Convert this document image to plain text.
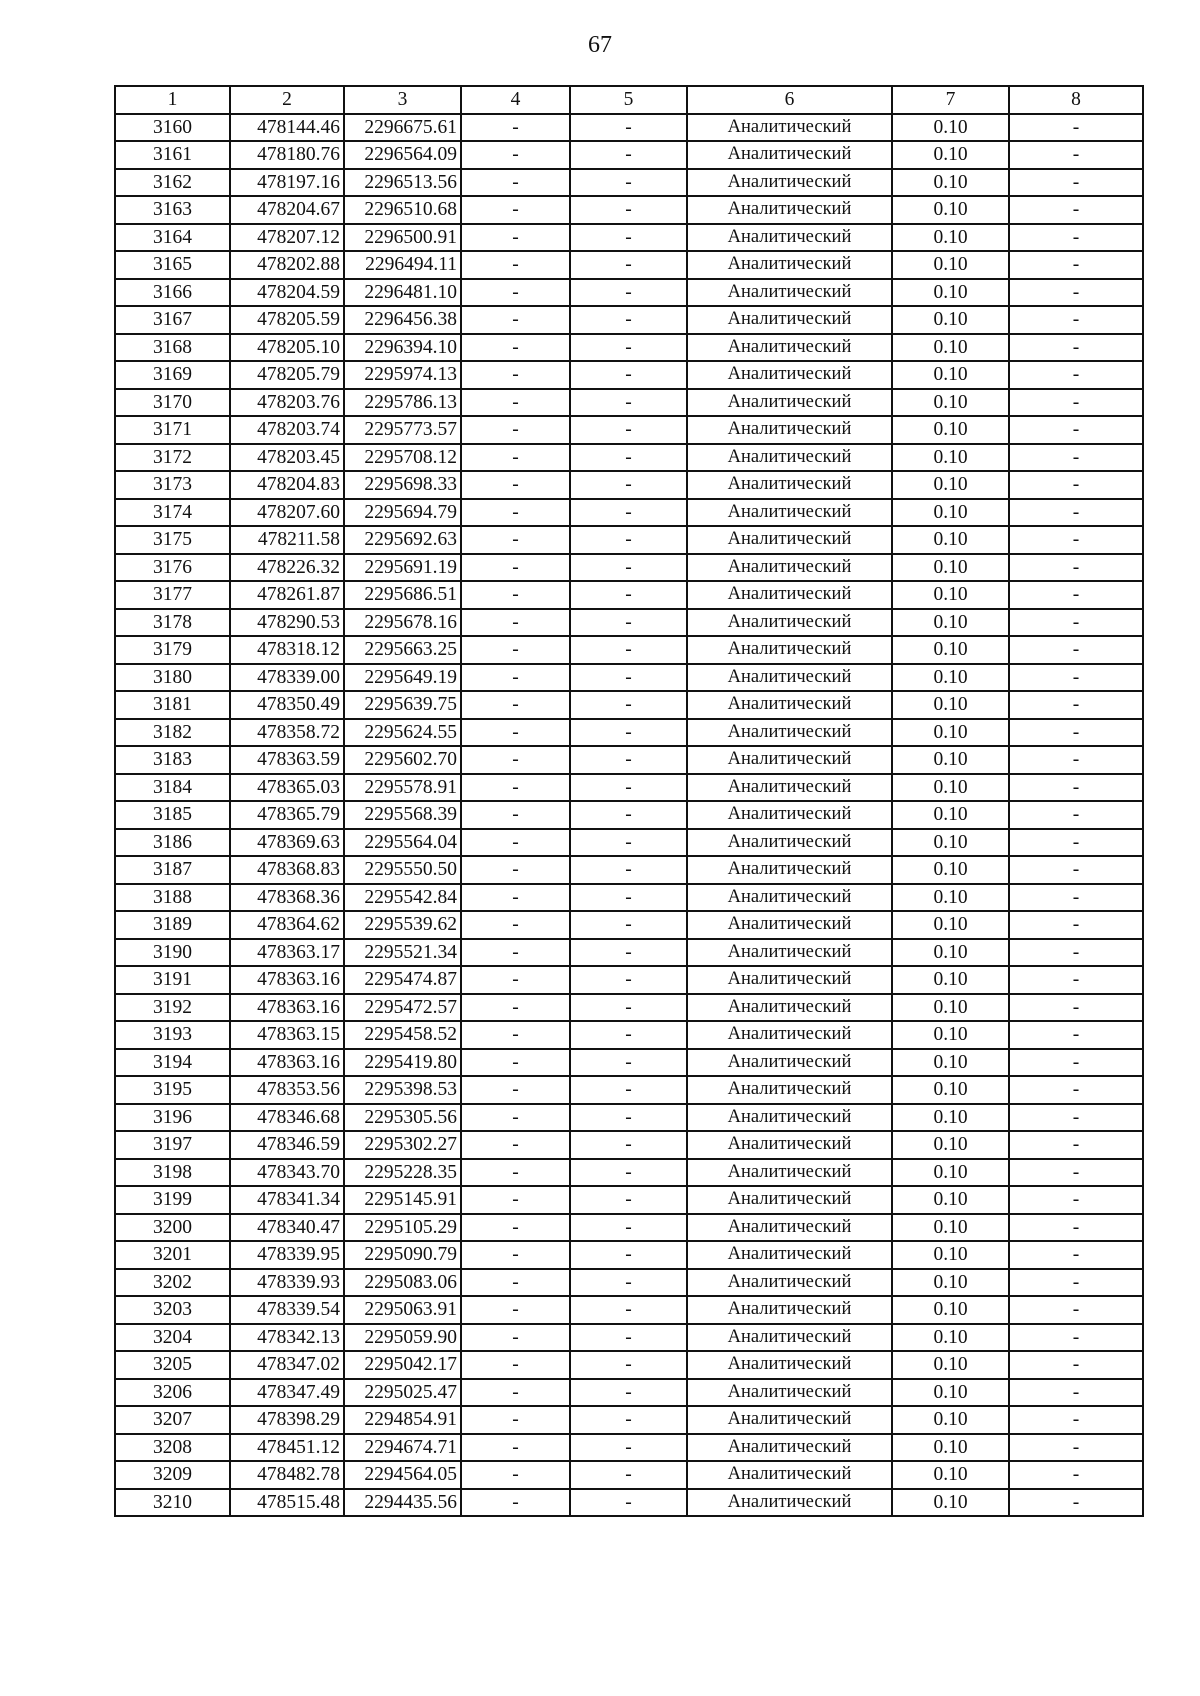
67
1	2	3	4	5	6	7	8
3160	478144.46	2296675.61	-	-	Аналитический	0.10	-
3161	478180.76	2296564.09	-	-	Аналитический	0.10	-
3162	478197.16	2296513.56	-	-	Аналитический	0.10	-
3163	478204.67	2296510.68	-	-	Аналитический	0.10	-
3164	478207.12	2296500.91	-	-	Аналитический	0.10	-
3165	478202.88	2296494.11	-	-	Аналитический	0.10	-
3166	478204.59	2296481.10	-	-	Аналитический	0.10	-
3167	478205.59	2296456.38	-	-	Аналитический	0.10	-
3168	478205.10	2296394.10	-	-	Аналитический	0.10	-
3169	478205.79	2295974.13	-	-	Аналитический	0.10	-
3170	478203.76	2295786.13	-	-	Аналитический	0.10	-
3171	478203.74	2295773.57	-	-	Аналитический	0.10	-
3172	478203.45	2295708.12	-	-	Аналитический	0.10	-
3173	478204.83	2295698.33	-	-	Аналитический	0.10	-
3174	478207.60	2295694.79	-	-	Аналитический	0.10	-
3175	478211.58	2295692.63	-	-	Аналитический	0.10	-
3176	478226.32	2295691.19	-	-	Аналитический	0.10	-
3177	478261.87	2295686.51	-	-	Аналитический	0.10	-
3178	478290.53	2295678.16	-	-	Аналитический	0.10	-
3179	478318.12	2295663.25	-	-	Аналитический	0.10	-
3180	478339.00	2295649.19	-	-	Аналитический	0.10	-
3181	478350.49	2295639.75	-	-	Аналитический	0.10	-
3182	478358.72	2295624.55	-	-	Аналитический	0.10	-
3183	478363.59	2295602.70	-	-	Аналитический	0.10	-
3184	478365.03	2295578.91	-	-	Аналитический	0.10	-
3185	478365.79	2295568.39	-	-	Аналитический	0.10	-
3186	478369.63	2295564.04	-	-	Аналитический	0.10	-
3187	478368.83	2295550.50	-	-	Аналитический	0.10	-
3188	478368.36	2295542.84	-	-	Аналитический	0.10	-
3189	478364.62	2295539.62	-	-	Аналитический	0.10	-
3190	478363.17	2295521.34	-	-	Аналитический	0.10	-
3191	478363.16	2295474.87	-	-	Аналитический	0.10	-
3192	478363.16	2295472.57	-	-	Аналитический	0.10	-
3193	478363.15	2295458.52	-	-	Аналитический	0.10	-
3194	478363.16	2295419.80	-	-	Аналитический	0.10	-
3195	478353.56	2295398.53	-	-	Аналитический	0.10	-
3196	478346.68	2295305.56	-	-	Аналитический	0.10	-
3197	478346.59	2295302.27	-	-	Аналитический	0.10	-
3198	478343.70	2295228.35	-	-	Аналитический	0.10	-
3199	478341.34	2295145.91	-	-	Аналитический	0.10	-
3200	478340.47	2295105.29	-	-	Аналитический	0.10	-
3201	478339.95	2295090.79	-	-	Аналитический	0.10	-
3202	478339.93	2295083.06	-	-	Аналитический	0.10	-
3203	478339.54	2295063.91	-	-	Аналитический	0.10	-
3204	478342.13	2295059.90	-	-	Аналитический	0.10	-
3205	478347.02	2295042.17	-	-	Аналитический	0.10	-
3206	478347.49	2295025.47	-	-	Аналитический	0.10	-
3207	478398.29	2294854.91	-	-	Аналитический	0.10	-
3208	478451.12	2294674.71	-	-	Аналитический	0.10	-
3209	478482.78	2294564.05	-	-	Аналитический	0.10	-
3210	478515.48	2294435.56	-	-	Аналитический	0.10	-
